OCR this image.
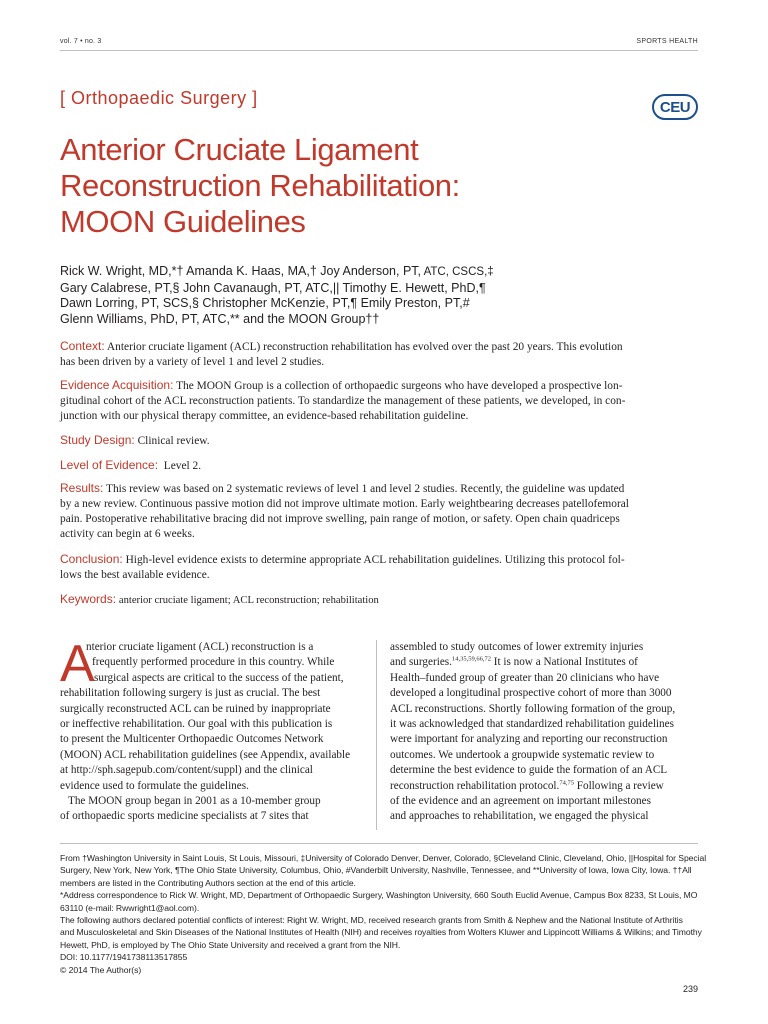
vol. 7 • no. 3	SPORTS HEALTH
[ Orthopaedic Surgery ]	CEU
Anterior Cruciate Ligament
Reconstruction Rehabilitation:
MOON Guidelines
Rick W. Wright, MD,*† Amanda K. Haas, MA,† Joy Anderson, PT, ATC, CSCS,‡
Gary Calabrese, PT,§ John Cavanaugh, PT, ATC,|| Timothy E. Hewett, PhD,¶
Dawn Lorring, PT, SCS,§ Christopher McKenzie, PT,¶ Emily Preston, PT,#
Glenn Williams, PhD, PT, ATC,** and the MOON Group††
Context: Anterior cruciate ligament (ACL) reconstruction rehabilitation has evolved over the past 20 years. This evolution
has been driven by a variety of level 1 and level 2 studies.
Evidence Acquisition: The MOON Group is a collection of orthopaedic surgeons who have developed a prospective lon-
gitudinal cohort of the ACL reconstruction patients. To standardize the management of these patients, we developed, in con-
junction with our physical therapy committee, an evidence-based rehabilitation guideline.
Study Design: Clinical review.
Level of Evidence: Level 2.
Results: This review was based on 2 systematic reviews of level 1 and level 2 studies. Recently, the guideline was updated
by a new review. Continuous passive motion did not improve ultimate motion. Early weightbearing decreases patellofemoral
pain. Postoperative rehabilitative bracing did not improve swelling, pain range of motion, or safety. Open chain quadriceps
activity can begin at 6 weeks.
Conclusion: High-level evidence exists to determine appropriate ACL rehabilitation guidelines. Utilizing this protocol fol-
lows the best available evidence.
Keywords: anterior cruciate ligament; ACL reconstruction; rehabilitation
A
nterior cruciate ligament (ACL) reconstruction is a
frequently performed procedure in this country. While
surgical aspects are critical to the success of the patient,
rehabilitation following surgery is just as crucial. The best
surgically reconstructed ACL can be ruined by inappropriate
or ineffective rehabilitation. Our goal with this publication is
to present the Multicenter Orthopaedic Outcomes Network
(MOON) ACL rehabilitation guidelines (see Appendix, available
at http://sph.sagepub.com/content/suppl) and the clinical
evidence used to formulate the guidelines.
The MOON group began in 2001 as a 10-member group
of orthopaedic sports medicine specialists at 7 sites that
assembled to study outcomes of lower extremity injuries
and surgeries.$^{14,35,59,66,72}$ It is now a National Institutes of
Health–funded group of greater than 20 clinicians who have
developed a longitudinal prospective cohort of more than 3000
ACL reconstructions. Shortly following formation of the group,
it was acknowledged that standardized rehabilitation guidelines
were important for analyzing and reporting our reconstruction
outcomes. We undertook a groupwide systematic review to
determine the best evidence to guide the formation of an ACL
reconstruction rehabilitation protocol.$^{74,75}$ Following a review
of the evidence and an agreement on important milestones
and approaches to rehabilitation, we engaged the physical
From †Washington University in Saint Louis, St Louis, Missouri, ‡University of Colorado Denver, Denver, Colorado, §Cleveland Clinic, Cleveland, Ohio, ||Hospital for Special
Surgery, New York, New York, ¶The Ohio State University, Columbus, Ohio, #Vanderbilt University, Nashville, Tennessee, and **University of Iowa, Iowa City, Iowa. ††All
members are listed in the Contributing Authors section at the end of this article.
*Address correspondence to Rick W. Wright, MD, Department of Orthopaedic Surgery, Washington University, 660 South Euclid Avenue, Campus Box 8233, St Louis, MO
63110 (e-mail: Rwwright1@aol.com).
The following authors declared potential conflicts of interest: Right W. Wright, MD, received research grants from Smith & Nephew and the National Institute of Arthritis
and Musculoskeletal and Skin Diseases of the National Institutes of Health (NIH) and receives royalties from Wolters Kluwer and Lippincott Williams & Wilkins; and Timothy
Hewett, PhD, is employed by The Ohio State University and received a grant from the NIH.
DOI: 10.1177/1941738113517855
© 2014 The Author(s)
239
